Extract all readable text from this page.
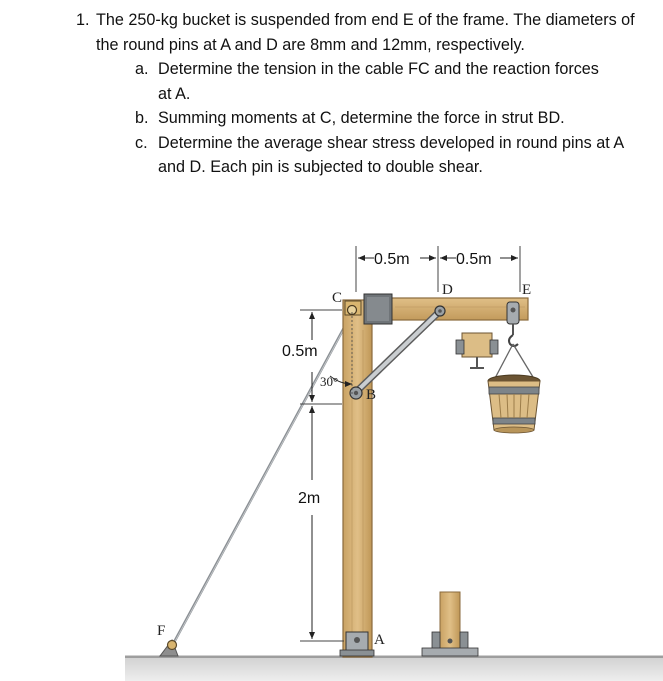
1. The 250-kg bucket is suspended from end E of the frame. The diameters of the round pins at A and D are 8mm and 12mm, respectively.
a. Determine the tension in the cable FC and the reaction forces at A.
b. Summing moments at C, determine the force in strut BD.
c. Determine the average shear stress developed in round pins at A and D. Each pin is subjected to double shear.
0.5m	0.5m
0.5m
2m
30°
C	D	E
B
A
F
